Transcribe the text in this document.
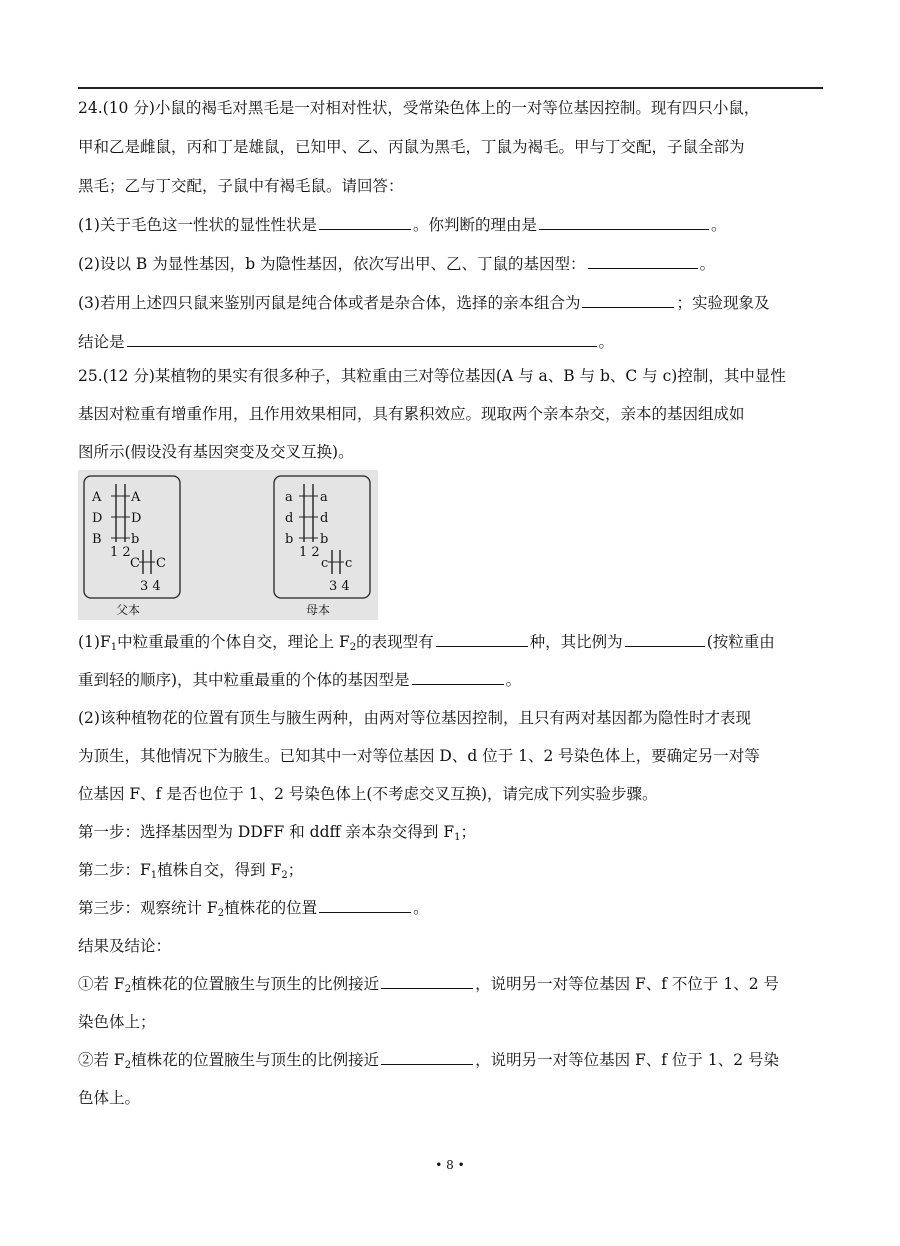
24.(10 分)小鼠的褐毛对黑毛是一对相对性状，受常染色体上的一对等位基因控制。现有四只小鼠，
甲和乙是雌鼠，丙和丁是雄鼠，已知甲、乙、丙鼠为黑毛，丁鼠为褐毛。甲与丁交配，子鼠全部为
黑毛；乙与丁交配，子鼠中有褐毛鼠。请回答：
(1)关于毛色这一性状的显性性状是	。你判断的理由是	。
(2)设以 B 为显性基因，b 为隐性基因，依次写出甲、乙、丁鼠的基因型：	。
(3)若用上述四只鼠来鉴别丙鼠是纯合体或者是杂合体，选择的亲本组合为	；实验现象及
结论是	。
25.(12 分)某植物的果实有很多种子，其粒重由三对等位基因(A 与 a、B 与 b、C 与 c)控制，其中显性
基因对粒重有增重作用，且作用效果相同，具有累积效应。现取两个亲本杂交，亲本的基因组成如
图所示(假设没有基因突变及交叉互换)。
A
D
B
A
D
b
1 2
C C
3 4
父本
a
d
b
a
d
b
1 2
c c
3 4
母本
$(1)F_1$中粒重最重的个体自交，理论上 $F_2$的表现型有	种，其比例为	(按粒重由
重到轻的顺序)，其中粒重最重的个体的基因型是	。
(2)该种植物花的位置有顶生与腋生两种，由两对等位基因控制，且只有两对基因都为隐性时才表现
为顶生，其他情况下为腋生。已知其中一对等位基因 D、d 位于 1、2 号染色体上，要确定另一对等
位基因 F、f 是否也位于 1、2 号染色体上(不考虑交叉互换)，请完成下列实验步骤。
第一步：选择基因型为 DDFF 和 ddff 亲本杂交得到 $F_1$；
第二步：$F_1$植株自交，得到 $F_2$；
第三步：观察统计 $F_2$植株花的位置	。
结果及结论：
①若 $F_2$植株花的位置腋生与顶生的比例接近	，说明另一对等位基因 F、f 不位于 1、2 号
染色体上；
②若 $F_2$植株花的位置腋生与顶生的比例接近	，说明另一对等位基因 F、f 位于 1、2 号染
色体上。
• 8 •
